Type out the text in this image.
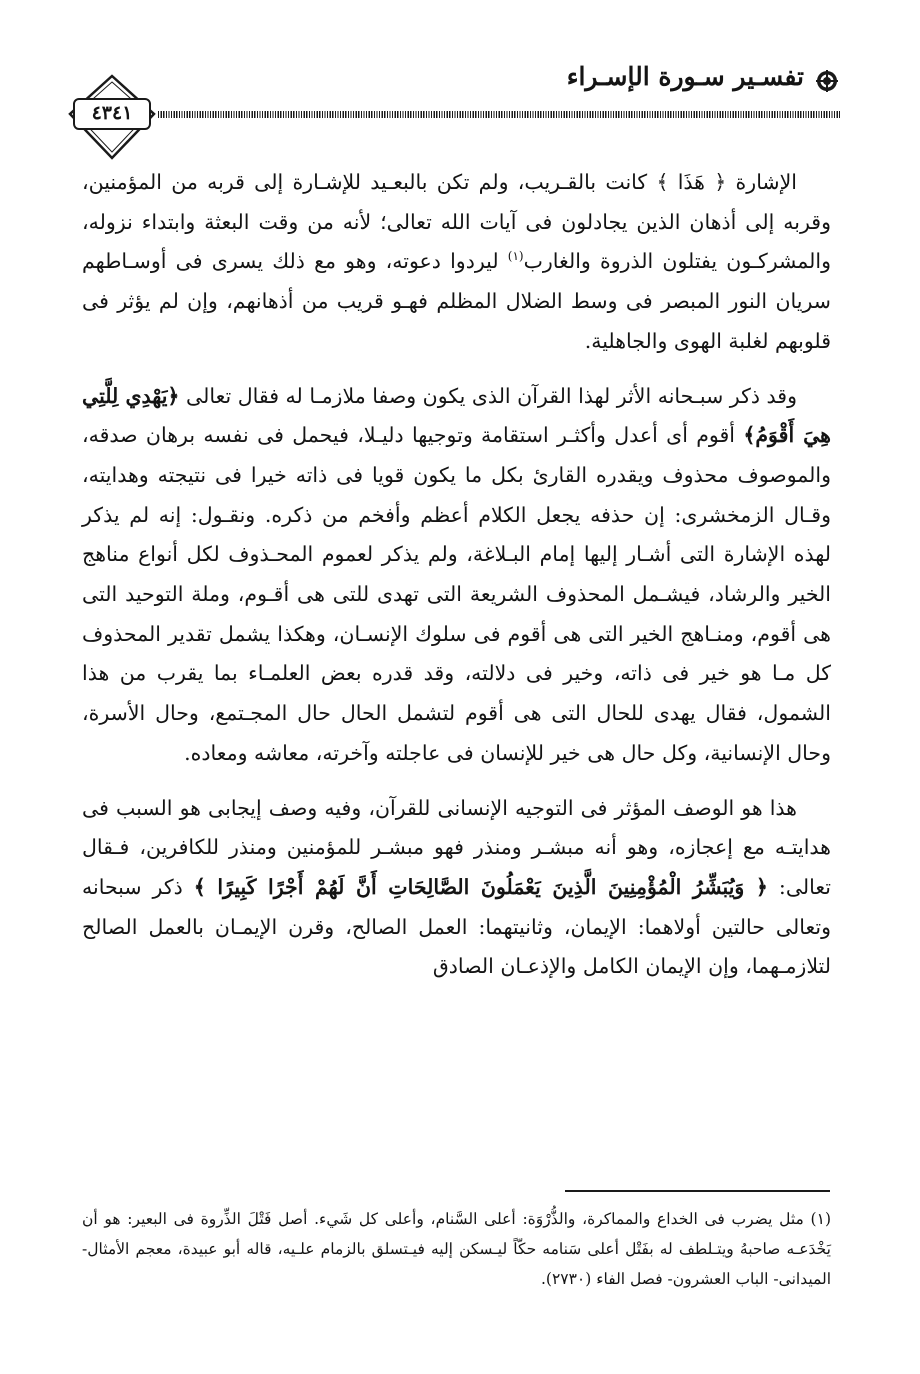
تفسـير سـورة الإسـراء
٤٣٤١

الإشارة ﴿ هَذَا ﴾ كانت بالقـريب، ولم تكن بالبعـيد للإشـارة إلى قربه من المؤمنين، وقربه إلى أذهان الذين يجادلون فى آيات الله تعالى؛ لأنه من وقت البعثة وابتداء نزوله، والمشركـون يفتلون الذروة والغارب$^{(١)}$ ليردوا دعوته، وهو مع ذلك يسرى فى أوسـاطهم سريان النور المبصر فى وسط الضلال المظلم فهـو قريب من أذهانهم، وإن لم يؤثر فى قلوبهم لغلبة الهوى والجاهلية.

وقد ذكر سبـحانه الأثر لهذا القرآن الذى يكون وصفا ملازمـا له فقال تعالى ﴿يَهْدِي لِلَّتِي هِيَ أَقْوَمُ﴾ أقوم أى أعدل وأكثـر استقامة وتوجيها دليـلا، فيحمل فى نفسه برهان صدقه، والموصوف محذوف ويقدره القارئ بكل ما يكون قويا فى ذاته خيرا فى نتيجته وهدايته، وقـال الزمخشرى: إن حذفه يجعل الكلام أعظم وأفخم من ذكره. ونقـول: إنه لم يذكر لهذه الإشارة التى أشـار إليها إمام البـلاغة، ولم يذكر لعموم المحـذوف لكل أنواع مناهج الخير والرشاد، فيشـمل المحذوف الشريعة التى تهدى للتى هى أقـوم، وملة التوحيد التى هى أقوم، ومنـاهج الخير التى هى أقوم فى سلوك الإنسـان، وهكذا يشمل تقدير المحذوف كل مـا هو خير فى ذاته، وخير فى دلالته، وقد قدره بعض العلمـاء بما يقرب من هذا الشمول، فقال يهدى للحال التى هى أقوم لتشمل الحال حال المجـتمع، وحال الأسرة، وحال الإنسانية، وكل حال هى خير للإنسان فى عاجلته وآخرته، معاشه ومعاده.

هذا هو الوصف المؤثر فى التوجيه الإنسانى للقرآن، وفيه وصف إيجابى هو السبب فى هدايتـه مع إعجازه، وهو أنه مبشـر ومنذر فهو مبشـر للمؤمنين ومنذر للكافرين، فـقال تعالى: ﴿ وَيُبَشِّرُ الْمُؤْمِنِينَ الَّذِينَ يَعْمَلُونَ الصَّالِحَاتِ أَنَّ لَهُمْ أَجْرًا كَبِيرًا ﴾ ذكر سبحانه وتعالى حالتين أولاهما: الإيمان، وثانيتهما: العمل الصالح، وقرن الإيمـان بالعمل الصالح لتلازمـهما، وإن الإيمان الكامل والإذعـان الصادق

(١) مثل يضرب فى الخداع والمماكرة، والذُّرْوَة: أعلى السَّنام، وأعلى كل شَيء. أصل فَتْلَ الذِّروة فى البعير: هو أن يَخْدَعـه صاحبهُ ويتـلطف له بفَتْل أعلى سَنامه حكّاً ليـسكن إليه فيـتسلق بالزمام علـيه، قاله أبو عبيدة، معجم الأمثال- الميدانى- الباب العشرون- فصل الفاء (٢٧٣٠).
